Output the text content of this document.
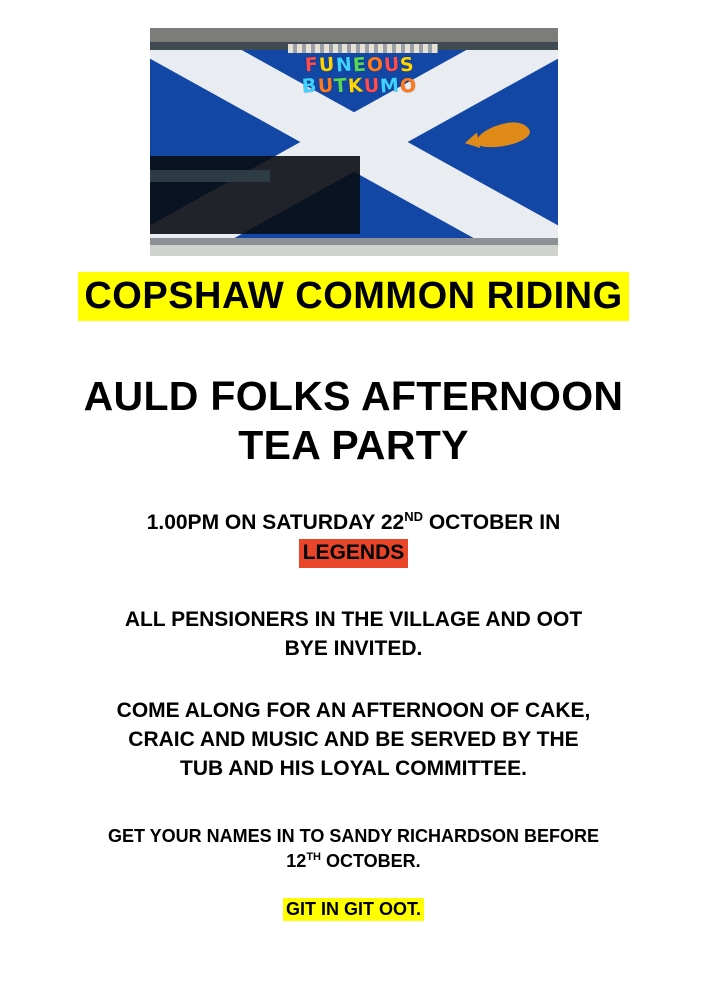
FUNEOUS
BUTKUMO
COPSHAW COMMON RIDING
AULD FOLKS AFTERNOON
TEA PARTY
1.00PM ON SATURDAY 22ND OCTOBER IN
LEGENDS
ALL PENSIONERS IN THE VILLAGE AND OOT
BYE INVITED.
COME ALONG FOR AN AFTERNOON OF CAKE,
CRAIC AND MUSIC AND BE SERVED BY THE
TUB AND HIS LOYAL COMMITTEE.
GET YOUR NAMES IN TO SANDY RICHARDSON BEFORE
12TH OCTOBER.
GIT IN GIT OOT.
